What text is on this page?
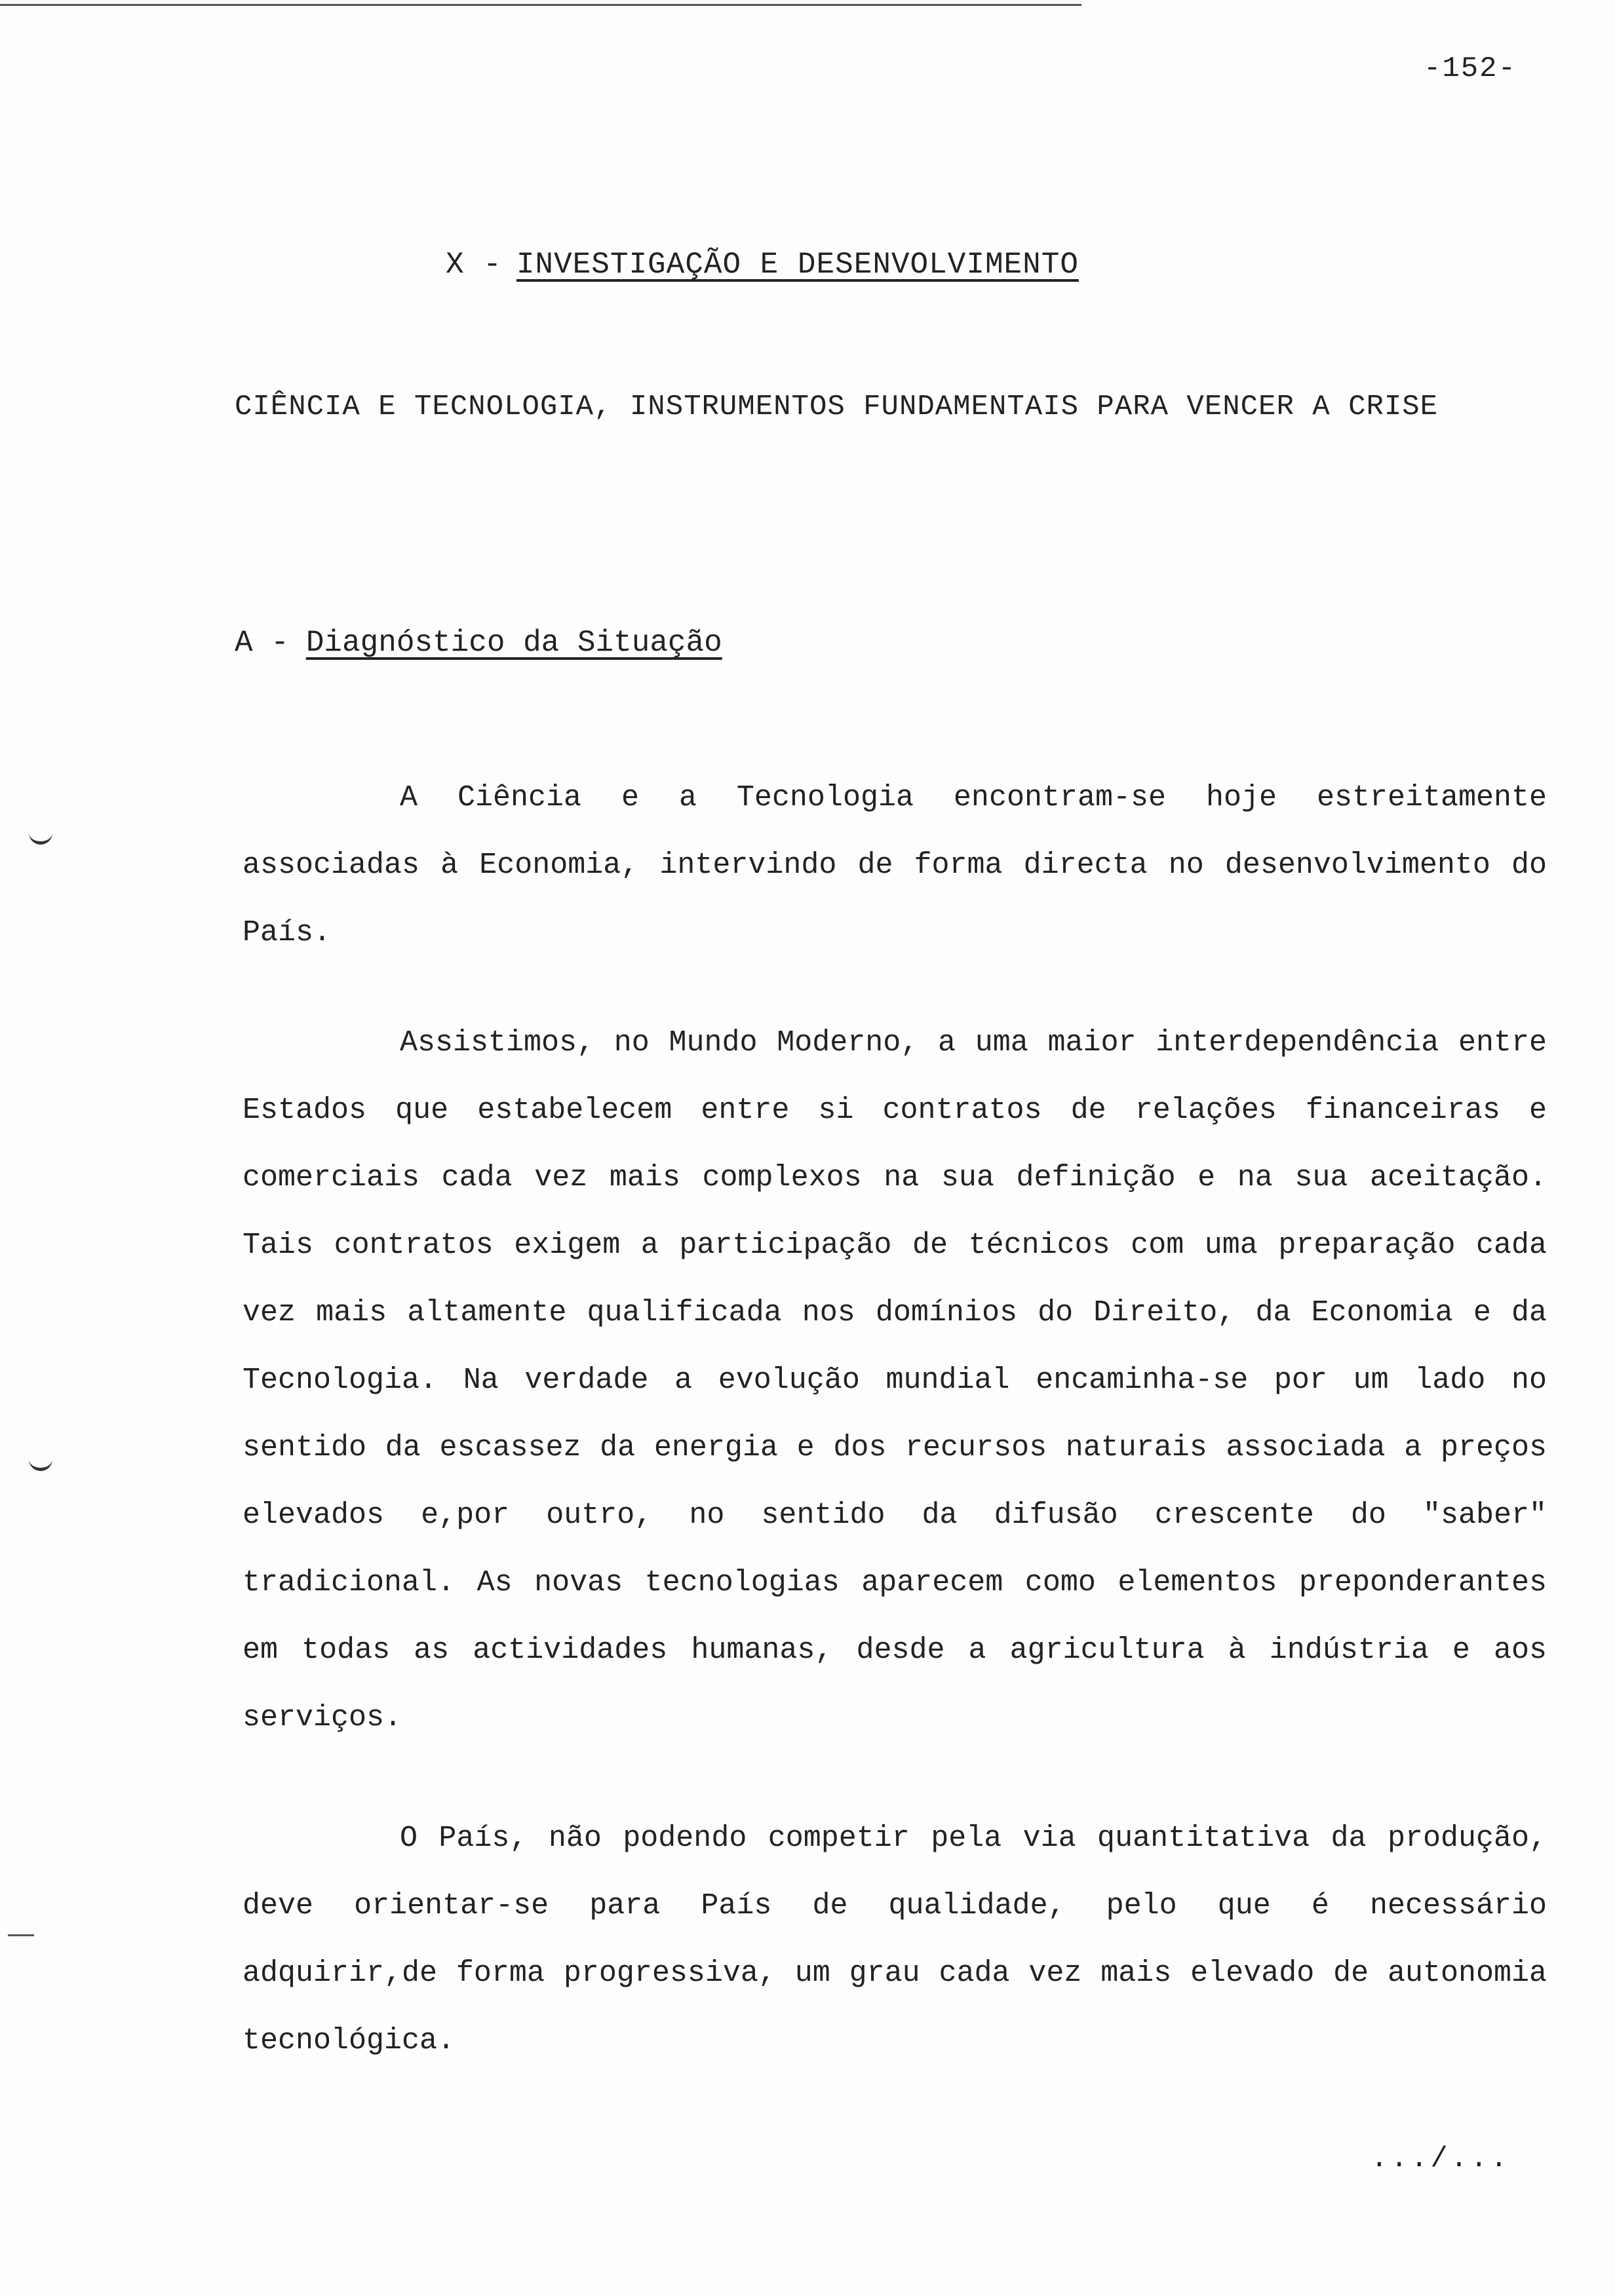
-152-
X - INVESTIGAÇÃO E DESENVOLVIMENTO
CIÊNCIA E TECNOLOGIA, INSTRUMENTOS FUNDAMENTAIS PARA VENCER A CRISE
A - Diagnóstico da Situação

A Ciência e a Tecnologia encontram-se hoje estreitamente associadas à Economia, intervindo de forma directa no desenvolvimento do País.

Assistimos, no Mundo Moderno, a uma maior interdependência entre Estados que estabelecem entre si contratos de relações financeiras e comerciais cada vez mais complexos na sua definição e na sua aceitação. Tais contratos exigem a participação de técnicos com uma preparação cada vez mais altamente qualificada nos domínios do Direito, da Economia e da Tecnologia. Na verdade a evolução mundial encaminha-se por um lado no sentido da escassez da energia e dos recursos naturais associada a preços elevados e,por outro, no sentido da difusão crescente do "saber" tradicional. As novas tecnologias aparecem como elementos preponderantes em todas as actividades humanas, desde a agricultura à indústria e aos serviços.

O País, não podendo competir pela via quantitativa da produção, deve orientar-se para País de qualidade, pelo que é necessário adquirir,de forma progressiva, um grau cada vez mais elevado de autonomia tecnológica.

.../...
